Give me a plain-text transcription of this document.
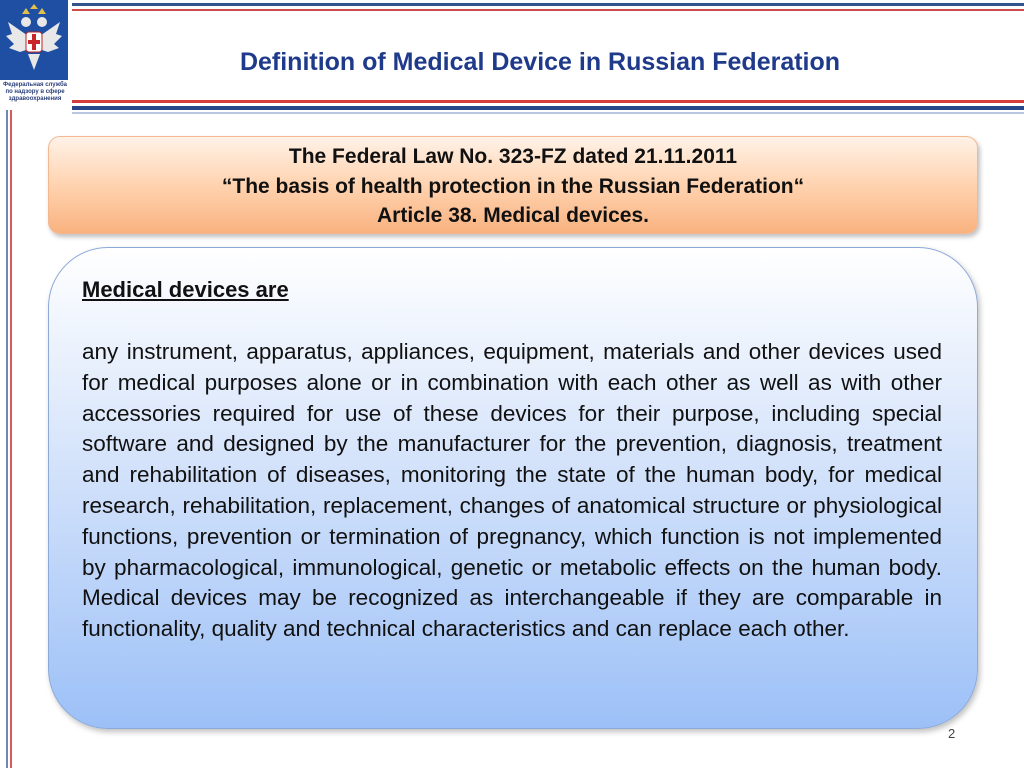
Федеральная служба
по надзору в сфере
здравоохранения
Definition of Medical Device in Russian Federation
The Federal Law No. 323-FZ dated 21.11.2011
“The basis of health protection in the Russian Federation“
Article 38. Medical devices.
Medical devices are
any instrument, apparatus, appliances, equipment, materials and other devices used for medical purposes alone or in combination with each other as well as with other accessories required for use of these devices for their purpose, including special software and designed by the manufacturer for the prevention, diagnosis, treatment and rehabilitation of diseases, monitoring the state of the human body, for medical research, rehabilitation, replacement, changes of anatomical structure or physiological functions, prevention or termination of pregnancy, which function is not implemented by pharmacological, immunological, genetic or metabolic effects on the human body. Medical devices may be recognized as interchangeable if they are comparable in functionality, quality and technical characteristics and can replace each other.
2
